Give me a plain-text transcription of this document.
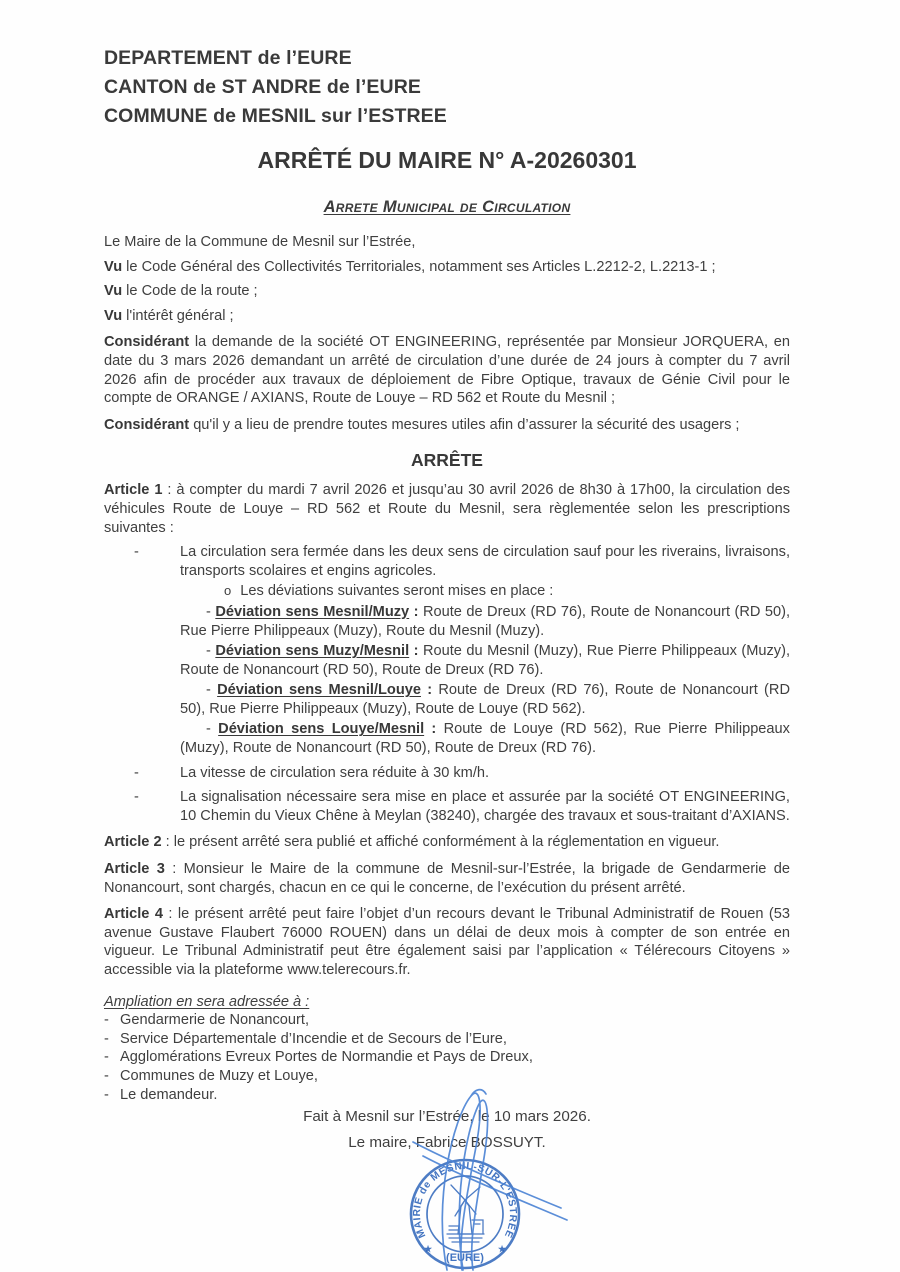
DEPARTEMENT de l’EURE
CANTON de ST ANDRE de l’EURE
COMMUNE de MESNIL sur l’ESTREE
ARRÊTÉ DU MAIRE N° A-20260301
Arrete Municipal de Circulation

Le Maire de la Commune de Mesnil sur l’Estrée,

Vu le Code Général des Collectivités Territoriales, notamment ses Articles L.2212-2, L.2213-1 ;

Vu le Code de la route ;

Vu l'intérêt général ;

Considérant la demande de la société OT ENGINEERING, représentée par Monsieur JORQUERA, en date du 3 mars 2026 demandant un arrêté de circulation d’une durée de 24 jours à compter du 7 avril 2026 afin de procéder aux travaux de déploiement de Fibre Optique, travaux de Génie Civil pour le compte de ORANGE / AXIANS, Route de Louye – RD 562 et Route du Mesnil ;

Considérant qu'il y a lieu de prendre toutes mesures utiles afin d’assurer la sécurité des usagers ;

ARRÊTE

Article 1 : à compter du mardi 7 avril 2026 et jusqu’au 30 avril 2026 de 8h30 à 17h00, la circulation des véhicules Route de Louye – RD 562 et Route du Mesnil, sera règlementée selon les prescriptions suivantes :

-	La circulation sera fermée dans les deux sens de circulation sauf pour les riverains, livraisons, transports scolaires et engins agricoles.

o Les déviations suivantes seront mises en place :

- Déviation sens Mesnil/Muzy : Route de Dreux (RD 76), Route de Nonancourt (RD 50), Rue Pierre Philippeaux (Muzy), Route du Mesnil (Muzy).

- Déviation sens Muzy/Mesnil : Route du Mesnil (Muzy), Rue Pierre Philippeaux (Muzy), Route de Nonancourt (RD 50), Route de Dreux (RD 76).

- Déviation sens Mesnil/Louye : Route de Dreux (RD 76), Route de Nonancourt (RD 50), Rue Pierre Philippeaux (Muzy), Route de Louye (RD 562).

- Déviation sens Louye/Mesnil : Route de Louye (RD 562), Rue Pierre Philippeaux (Muzy), Route de Nonancourt (RD 50), Route de Dreux (RD 76).

-	La vitesse de circulation sera réduite à 30 km/h.

-	La signalisation nécessaire sera mise en place et assurée par la société OT ENGINEERING, 10 Chemin du Vieux Chêne à Meylan (38240), chargée des travaux et sous-traitant d’AXIANS.

Article 2 : le présent arrêté sera publié et affiché conformément à la réglementation en vigueur.

Article 3 : Monsieur le Maire de la commune de Mesnil-sur-l’Estrée, la brigade de Gendarmerie de Nonancourt, sont chargés, chacun en ce qui le concerne, de l’exécution du présent arrêté.

Article 4 : le présent arrêté peut faire l’objet d’un recours devant le Tribunal Administratif de Rouen (53 avenue Gustave Flaubert 76000 ROUEN) dans un délai de deux mois à compter de son entrée en vigueur. Le Tribunal Administratif peut être également saisi par l’application « Télérecours Citoyens » accessible via la plateforme www.telerecours.fr.

Ampliation en sera adressée à :

- Gendarmerie de Nonancourt,
- Service Départementale d’Incendie et de Secours de l’Eure,
- Agglomérations Evreux Portes de Normandie et Pays de Dreux,
- Communes de Muzy et Louye,
- Le demandeur.

Fait à Mesnil sur l’Estrée, le 10 mars 2026.

Le maire, Fabrice BOSSUYT.

MAIRIE de MESNIL-SUR-L'ESTRÉE
(EURE)
★	★
